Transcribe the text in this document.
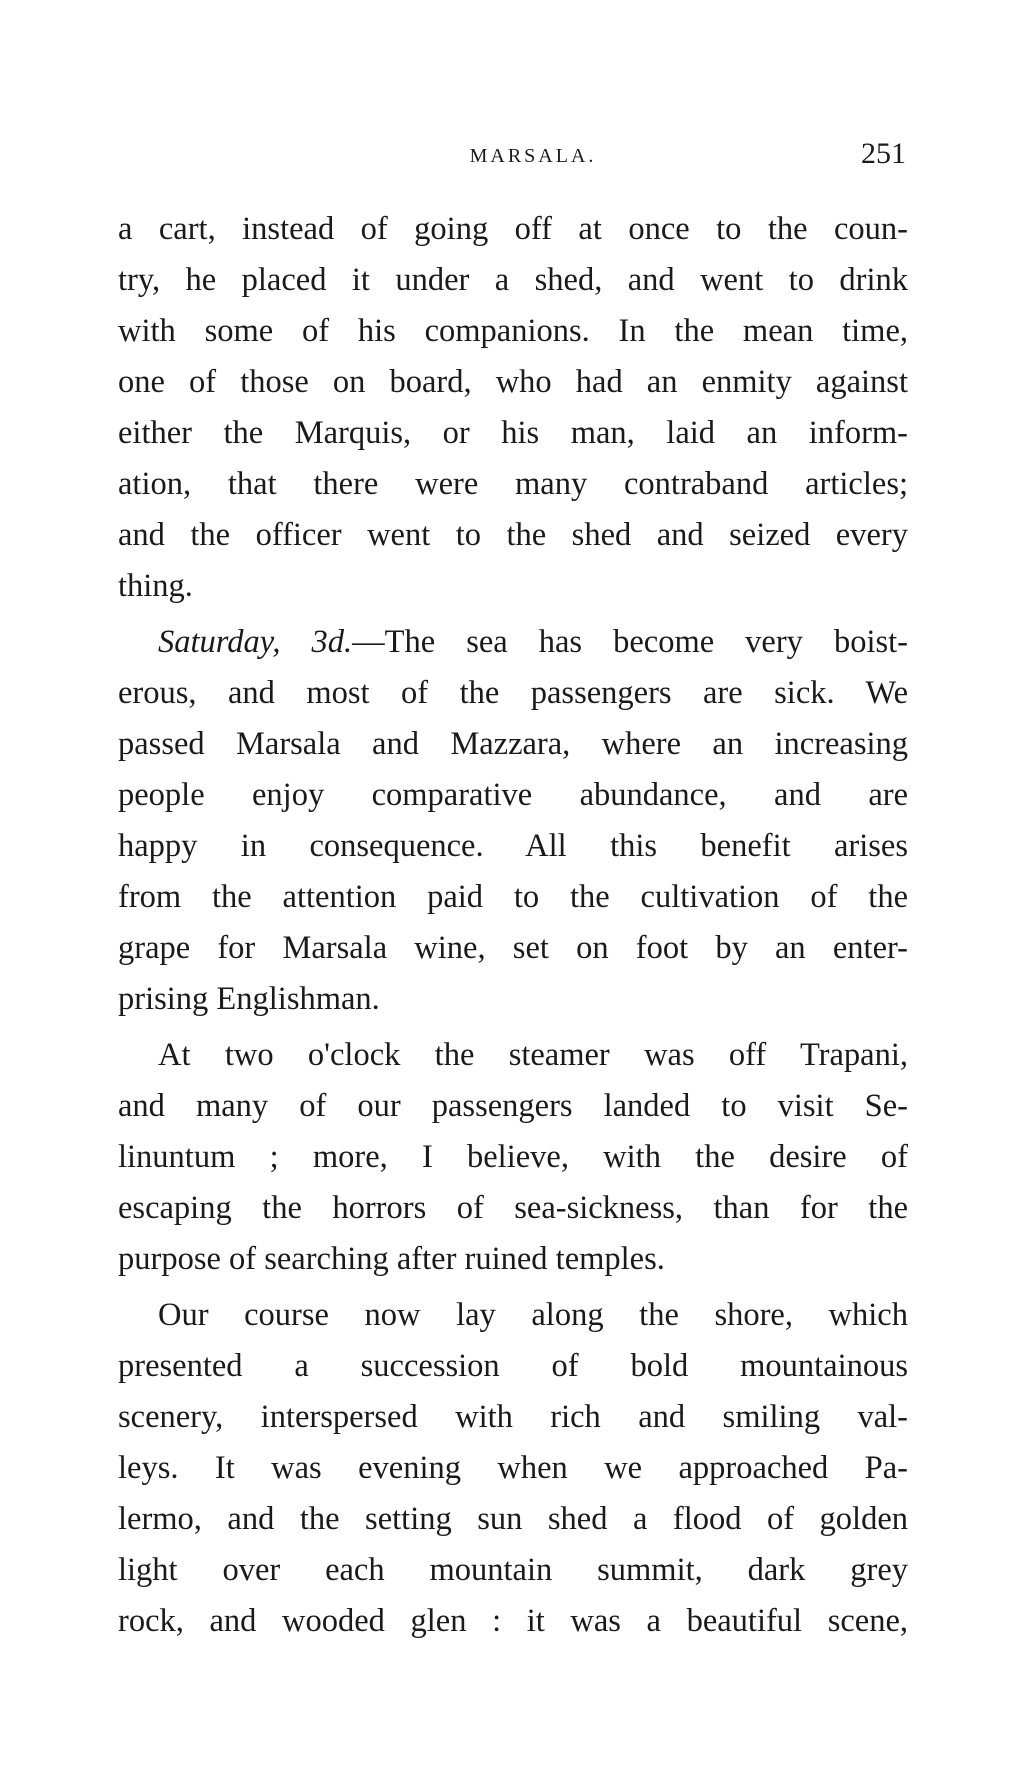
MARSALA.	251
a cart, instead of going off at once to the coun-
try, he placed it under a shed, and went to drink
with some of his companions. In the mean time,
one of those on board, who had an enmity against
either the Marquis, or his man, laid an inform-
ation, that there were many contraband articles;
and the officer went to the shed and seized every
thing.
Saturday, 3d.—The sea has become very boist-
erous, and most of the passengers are sick. We
passed Marsala and Mazzara, where an increasing
people enjoy comparative abundance, and are
happy in consequence. All this benefit arises
from the attention paid to the cultivation of the
grape for Marsala wine, set on foot by an enter-
prising Englishman.
At two o'clock the steamer was off Trapani,
and many of our passengers landed to visit Se-
linuntum ; more, I believe, with the desire of
escaping the horrors of sea-sickness, than for the
purpose of searching after ruined temples.
Our course now lay along the shore, which
presented a succession of bold mountainous
scenery, interspersed with rich and smiling val-
leys. It was evening when we approached Pa-
lermo, and the setting sun shed a flood of golden
light over each mountain summit, dark grey
rock, and wooded glen : it was a beautiful scene,
